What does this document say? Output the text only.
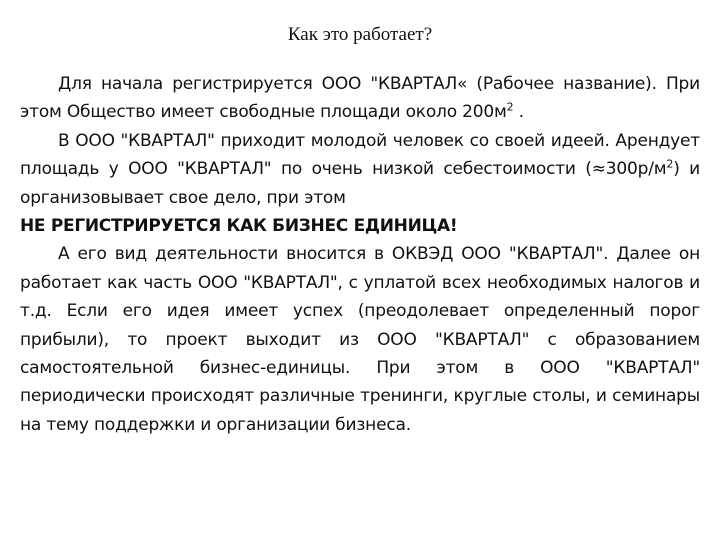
Как это работает?

Для начала регистрируется ООО "КВАРТАЛ« (Рабочее название). При этом Общество имеет свободные площади около $200м^2$ .

В ООО "КВАРТАЛ" приходит молодой человек со своей идеей. Арендует площадь у ООО "КВАРТАЛ" по очень низкой себестоимости $(\approx 300р/м^2)$ и организовывает свое дело, при этом

НЕ РЕГИСТРИРУЕТСЯ КАК БИЗНЕС ЕДИНИЦА!

А его вид деятельности вносится в ОКВЭД ООО "КВАРТАЛ". Далее он работает как часть ООО "КВАРТАЛ", с уплатой всех необходимых налогов и т.д. Если его идея имеет успех (преодолевает определенный порог прибыли), то проект выходит из ООО "КВАРТАЛ" с образованием самостоятельной бизнес-единицы. При этом в ООО "КВАРТАЛ" периодически происходят различные тренинги, круглые столы, и семинары на тему поддержки и организации бизнеса.
